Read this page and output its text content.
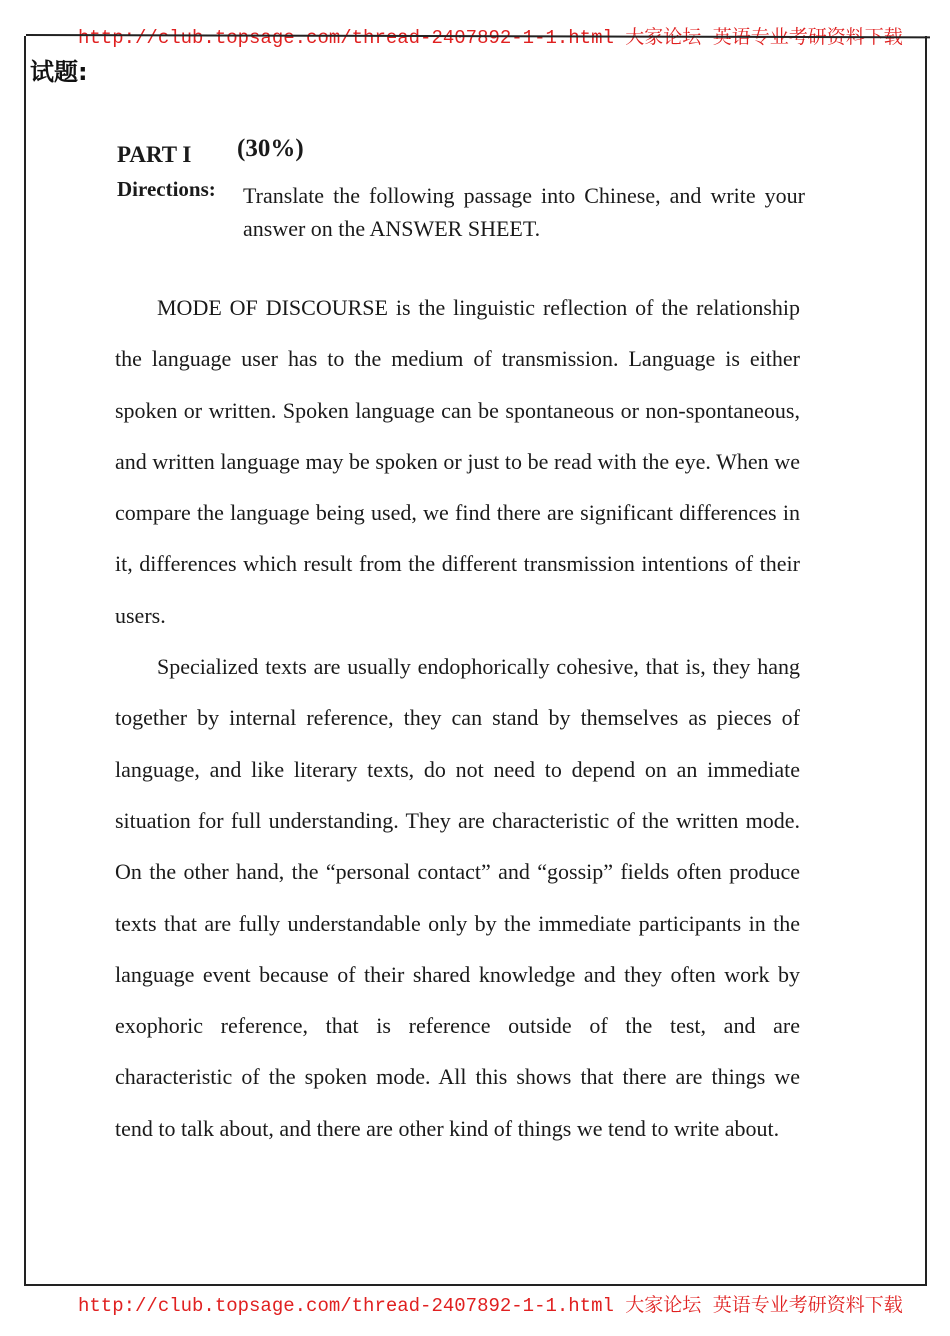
http://club.topsage.com/thread-2407892-1-1.html 大家论坛 英语专业考研资料下载
试题:
PART I (30%)
Directions: Translate the following passage into Chinese, and write your answer on the ANSWER SHEET.

MODE OF DISCOURSE is the linguistic reflection of the relationship the language user has to the medium of transmission. Language is either spoken or written. Spoken language can be spontaneous or non-spontaneous, and written language may be spoken or just to be read with the eye. When we compare the language being used, we find there are significant differences in it, differences which result from the different transmission intentions of their users.

Specialized texts are usually endophorically cohesive, that is, they hang together by internal reference, they can stand by themselves as pieces of language, and like literary texts, do not need to depend on an immediate situation for full understanding. They are characteristic of the written mode. On the other hand, the “personal contact” and “gossip” fields often produce texts that are fully understandable only by the immediate participants in the language event because of their shared knowledge and they often work by exophoric reference, that is reference outside of the test, and are characteristic of the spoken mode. All this shows that there are things we tend to talk about, and there are other kind of things we tend to write about.

http://club.topsage.com/thread-2407892-1-1.html 大家论坛 英语专业考研资料下载
